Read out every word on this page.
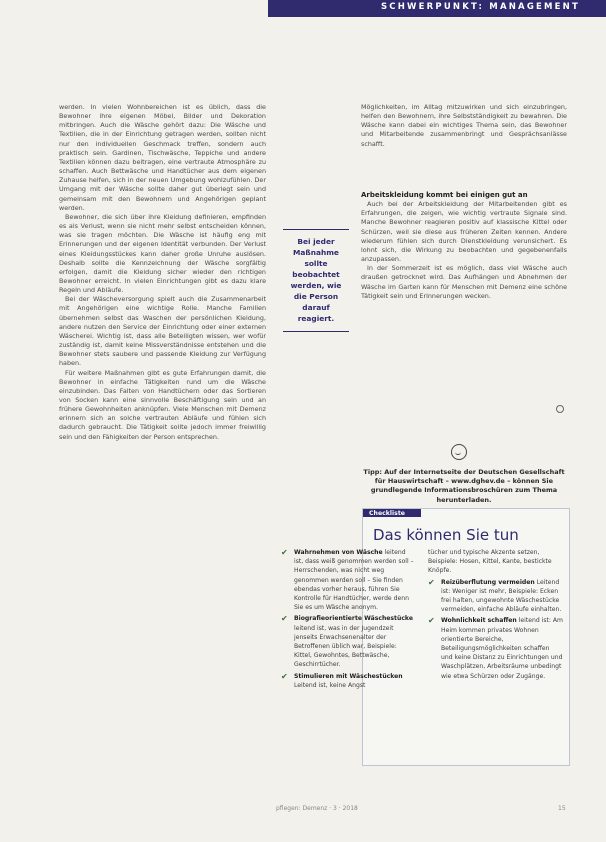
SCHWERPUNKT: MANAGEMENT

werden. In vielen Wohnbereichen ist es üblich, dass die Bewohner ihre eigenen Möbel, Bilder und Dekoration mitbringen. Auch die Wäsche gehört dazu: Die Wäsche und Textilien, die in der Einrichtung getragen werden, sollten nicht nur den individuellen Geschmack treffen, sondern auch praktisch sein. Gardinen, Tischwäsche, Teppiche und andere Textilien können dazu beitragen, eine vertraute Atmosphäre zu schaffen. Auch Bettwäsche und Handtücher aus dem eigenen Zuhause helfen, sich in der neuen Umgebung wohlzufühlen. Der Umgang mit der Wäsche sollte daher gut überlegt sein und gemeinsam mit den Bewohnern und Angehörigen geplant werden.

Bewohner, die sich über ihre Kleidung definieren, empfinden es als Verlust, wenn sie nicht mehr selbst entscheiden können, was sie tragen möchten. Die Wäsche ist häufig eng mit Erinnerungen und der eigenen Identität verbunden. Der Verlust eines Kleidungsstückes kann daher große Unruhe auslösen. Deshalb sollte die Kennzeichnung der Wäsche sorgfältig erfolgen, damit die Kleidung sicher wieder den richtigen Bewohner erreicht. In vielen Einrichtungen gibt es dazu klare Regeln und Abläufe.

Bei der Wäscheversorgung spielt auch die Zusammenarbeit mit Angehörigen eine wichtige Rolle. Manche Familien übernehmen selbst das Waschen der persönlichen Kleidung, andere nutzen den Service der Einrichtung oder einer externen Wäscherei. Wichtig ist, dass alle Beteiligten wissen, wer wofür zuständig ist, damit keine Missverständnisse entstehen und die Bewohner stets saubere und passende Kleidung zur Verfügung haben.

Für weitere Maßnahmen gibt es gute Erfahrungen damit, die Bewohner in einfache Tätigkeiten rund um die Wäsche einzubinden. Das Falten von Handtüchern oder das Sortieren von Socken kann eine sinnvolle Beschäftigung sein und an frühere Gewohnheiten anknüpfen. Viele Menschen mit Demenz erinnern sich an solche vertrauten Abläufe und fühlen sich dadurch gebraucht. Die Tätigkeit sollte jedoch immer freiwillig sein und den Fähigkeiten der Person entsprechen.

Bei jeder Maßnahme sollte beobachtet werden, wie die Person darauf reagiert.

Möglichkeiten, im Alltag mitzuwirken und sich einzubringen, helfen den Bewohnern, ihre Selbstständigkeit zu bewahren. Die Wäsche kann dabei ein wichtiges Thema sein, das Bewohner und Mitarbeitende zusammenbringt und Gesprächsanlässe schafft.

Arbeitskleidung kommt bei einigen gut an

Auch bei der Arbeitskleidung der Mitarbeitenden gibt es Erfahrungen, die zeigen, wie wichtig vertraute Signale sind. Manche Bewohner reagieren positiv auf klassische Kittel oder Schürzen, weil sie diese aus früheren Zeiten kennen. Andere wiederum fühlen sich durch Dienstkleidung verunsichert. Es lohnt sich, die Wirkung zu beobachten und gegebenenfalls anzupassen.

In der Sommerzeit ist es möglich, dass viel Wäsche auch draußen getrocknet wird. Das Aufhängen und Abnehmen der Wäsche im Garten kann für Menschen mit Demenz eine schöne Tätigkeit sein und Erinnerungen wecken.

Tipp: Auf der Internetseite der Deutschen Gesellschaft für Hauswirtschaft – www.dghev.de – können Sie grundlegende Informationsbroschüren zum Thema herunterladen.
Checkliste
Das können Sie tun
✔	Wahrnehmen von Wäsche leitend ist, dass weiß genommen werden soll – Herrschenden, was nicht weg genommen werden soll – Sie finden ebendas vorher heraus, führen Sie Kontrolle für Handtücher, werde denn Sie es um Wäsche anonym.
✔	Biografieorientierte Wäschestücke leitend ist, was in der Jugendzeit jenseits Erwachsenenalter der Betroffenen üblich war, Beispiele: Kittel, Gewohntes, Bettwäsche, Geschirrtücher.
✔	Stimulieren mit Wäschestücken Leitend ist, keine Angst
tücher und typische Akzente setzen, Beispiele: Hosen, Kittel, Kante, bestickte Knöpfe.
✔	Reizüberflutung vermeiden Leitend ist: Weniger ist mehr, Beispiele: Ecken frei halten, ungewohnte Wäschestücke vermeiden, einfache Abläufe einhalten.
✔	Wohnlichkeit schaffen leitend ist: Am Heim kommen privates Wohnen orientierte Bereiche, Beteiligungsmöglichkeiten schaffen und keine Distanz zu Einrichtungen und Waschplätzen, Arbeitsräume unbedingt wie etwa Schürzen oder Zugänge.
pflegen: Demenz · 3 · 2018	15
